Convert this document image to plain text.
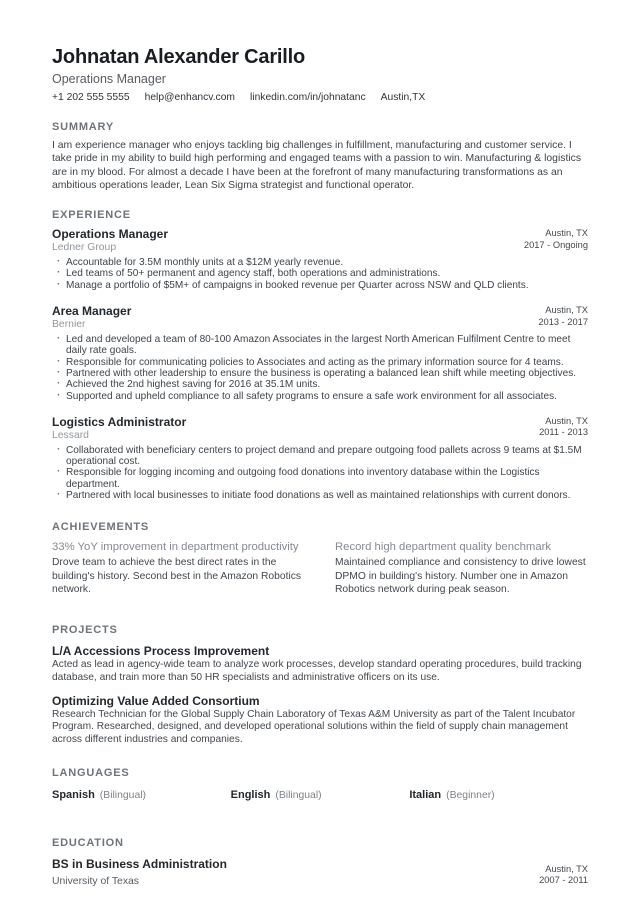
Johnatan Alexander Carillo
Operations Manager
+1 202 555 5555 help@enhancv.com linkedin.com/in/johnatanc Austin,TX
SUMMARY

I am experience manager who enjoys tackling big challenges in fulfillment, manufacturing and customer service. I take pride in my ability to build high performing and engaged teams with a passion to win. Manufacturing & logistics are in my blood. For almost a decade I have been at the forefront of many manufacturing transformations as an ambitious operations leader, Lean Six Sigma strategist and functional operator.

EXPERIENCE
Operations Manager
Ledner Group
Austin, TX
2017 - Ongoing
· Accountable for 3.5M monthly units at a $12M yearly revenue.
· Led teams of 50+ permanent and agency staff, both operations and administrations.
· Manage a portfolio of $5M+ of campaigns in booked revenue per Quarter across NSW and QLD clients.
Area Manager
Bernier
Austin, TX
2013 - 2017
· Led and developed a team of 80-100 Amazon Associates in the largest North American Fulfilment Centre to meet daily rate goals.
· Responsible for communicating policies to Associates and acting as the primary information source for 4 teams.
· Partnered with other leadership to ensure the business is operating a balanced lean shift while meeting objectives.
· Achieved the 2nd highest saving for 2016 at 35.1M units.
· Supported and upheld compliance to all safety programs to ensure a safe work environment for all associates.
Logistics Administrator
Lessard
Austin, TX
2011 - 2013
· Collaborated with beneficiary centers to project demand and prepare outgoing food pallets across 9 teams at $1.5M operational cost.
· Responsible for logging incoming and outgoing food donations into inventory database within the Logistics department.
· Partnered with local businesses to initiate food donations as well as maintained relationships with current donors.
ACHIEVEMENTS
33% YoY improvement in department productivity
Drove team to achieve the best direct rates in the building's history. Second best in the Amazon Robotics network.
Record high department quality benchmark
Maintained compliance and consistency to drive lowest DPMO in building's history. Number one in Amazon Robotics network during peak season.
PROJECTS
L/A Accessions Process Improvement
Acted as lead in agency-wide team to analyze work processes, develop standard operating procedures, build tracking database, and train more than 50 HR specialists and administrative officers on its use.
Optimizing Value Added Consortium
Research Technician for the Global Supply Chain Laboratory of Texas A&M University as part of the Talent Incubator Program. Researched, designed, and developed operational solutions within the field of supply chain management across different industries and companies.
LANGUAGES
Spanish (Bilingual)	English (Bilingual)	Italian (Beginner)
EDUCATION
BS in Business Administration
University of Texas
Austin, TX
2007 - 2011
